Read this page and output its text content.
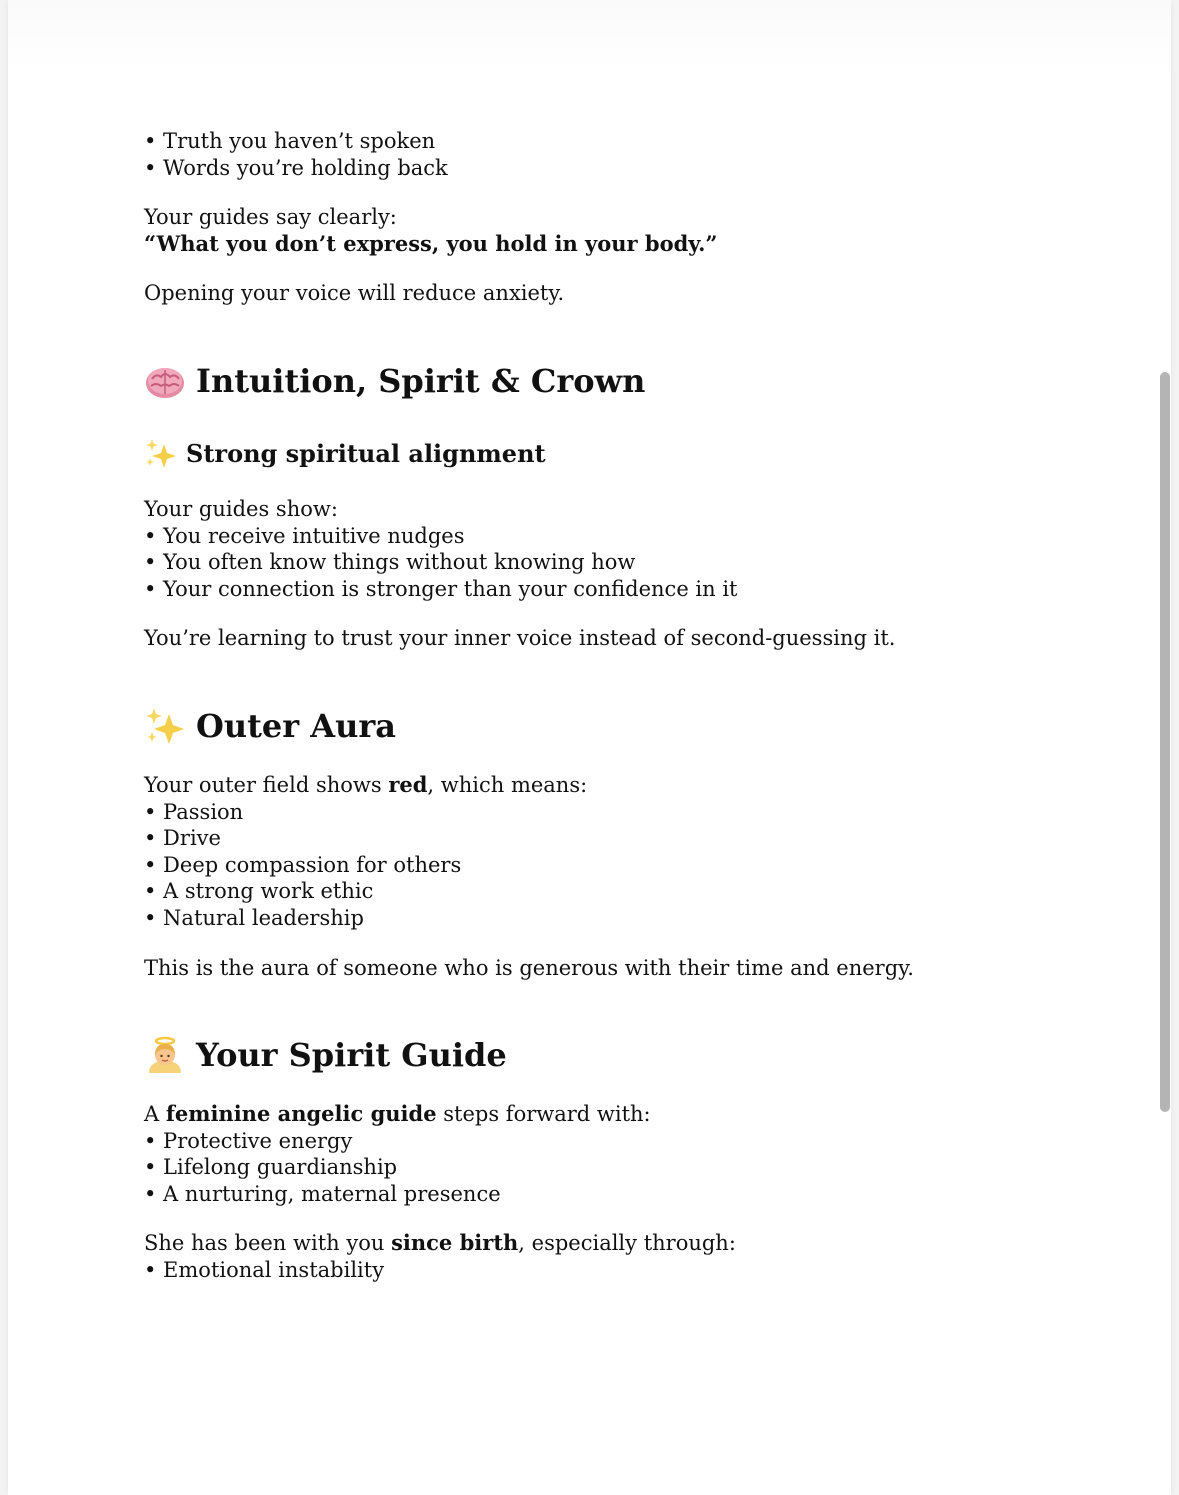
• Truth you haven’t spoken
• Words you’re holding back
Your guides say clearly:
“What you don’t express, you hold in your body.”
Opening your voice will reduce anxiety.
Intuition, Spirit & Crown
Strong spiritual alignment
Your guides show:
• You receive intuitive nudges
• You often know things without knowing how
• Your connection is stronger than your confidence in it
You’re learning to trust your inner voice instead of second-guessing it.
Outer Aura
Your outer field shows red, which means:
• Passion
• Drive
• Deep compassion for others
• A strong work ethic
• Natural leadership
This is the aura of someone who is generous with their time and energy.
Your Spirit Guide
A feminine angelic guide steps forward with:
• Protective energy
• Lifelong guardianship
• A nurturing, maternal presence
She has been with you since birth, especially through:
• Emotional instability
